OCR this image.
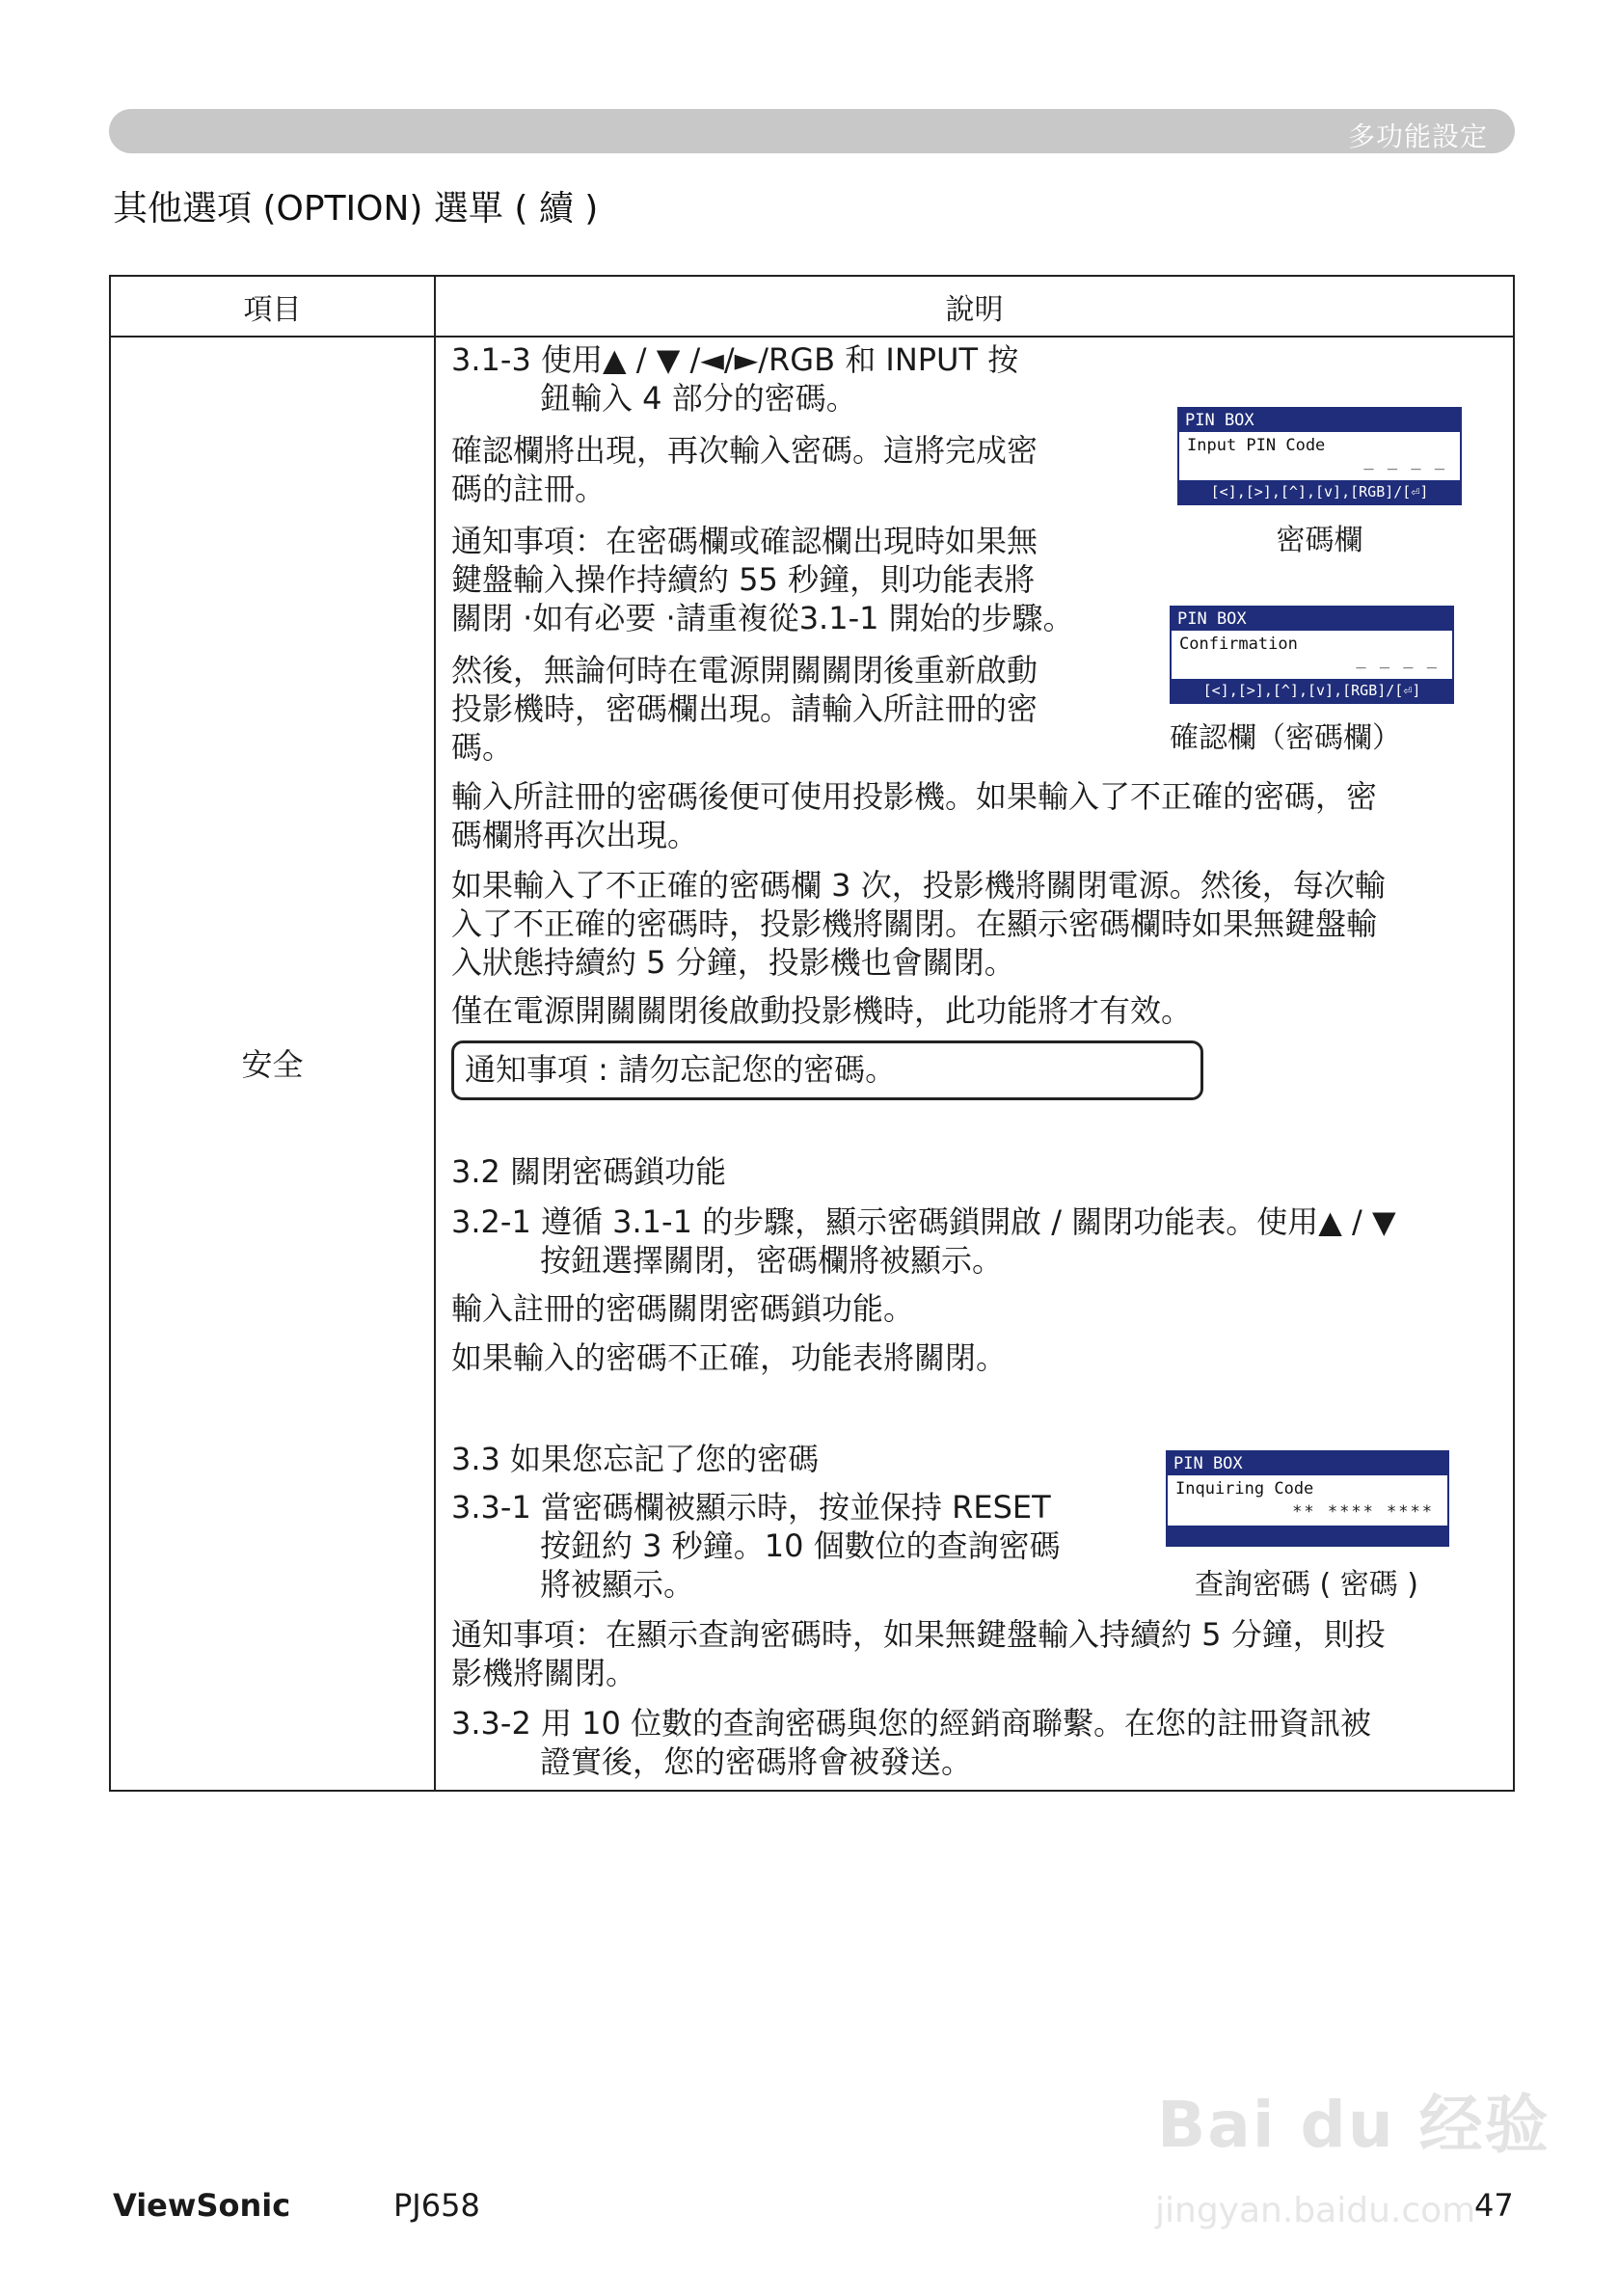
多功能設定
其他選項 (OPTION) 選單 ( 續 )
項目	說明
安全
3.1-3 使用▲ / ▼ /◄/►/RGB 和 INPUT 按
鈕輸入 4 部分的密碼。
確認欄將出現，再次輸入密碼。這將完成密
碼的註冊。
通知事項：在密碼欄或確認欄出現時如果無
鍵盤輸入操作持續約 55 秒鐘，則功能表將
關閉 ‧如有必要 ‧請重複從3.1-1 開始的步驟。
然後，無論何時在電源開關關閉後重新啟動
投影機時，密碼欄出現。請輸入所註冊的密
碼。
輸入所註冊的密碼後便可使用投影機。如果輸入了不正確的密碼，密
碼欄將再次出現。
如果輸入了不正確的密碼欄 3 次，投影機將關閉電源。然後，每次輸
入了不正確的密碼時，投影機將關閉。在顯示密碼欄時如果無鍵盤輸
入狀態持續約 5 分鐘，投影機也會關閉。
僅在電源開關關閉後啟動投影機時，此功能將才有效。
通知事項 : 請勿忘記您的密碼。
3.2 關閉密碼鎖功能
3.2-1 遵循 3.1-1 的步驟，顯示密碼鎖開啟 / 關閉功能表。使用▲ / ▼
按鈕選擇關閉，密碼欄將被顯示。
輸入註冊的密碼關閉密碼鎖功能。
如果輸入的密碼不正確，功能表將關閉。
3.3 如果您忘記了您的密碼
3.3-1 當密碼欄被顯示時，按並保持 RESET
按鈕約 3 秒鐘。10 個數位的查詢密碼
將被顯示。
通知事項：在顯示查詢密碼時，如果無鍵盤輸入持續約 5 分鐘，則投
影機將關閉。
3.3-2 用 10 位數的查詢密碼與您的經銷商聯繫。在您的註冊資訊被
證實後，您的密碼將會被發送。
PIN BOX
Input PIN Code
_ _ _ _
[<],[>],[^],[v],[RGB]/[⏎]
密碼欄
PIN BOX
Confirmation
_ _ _ _
[<],[>],[^],[v],[RGB]/[⏎]
確認欄（密碼欄）
PIN BOX
Inquiring Code
** **** ****
查詢密碼 ( 密碼 )
Bai du 经验
jingyan.baidu.com
ViewSonic	PJ658	47
